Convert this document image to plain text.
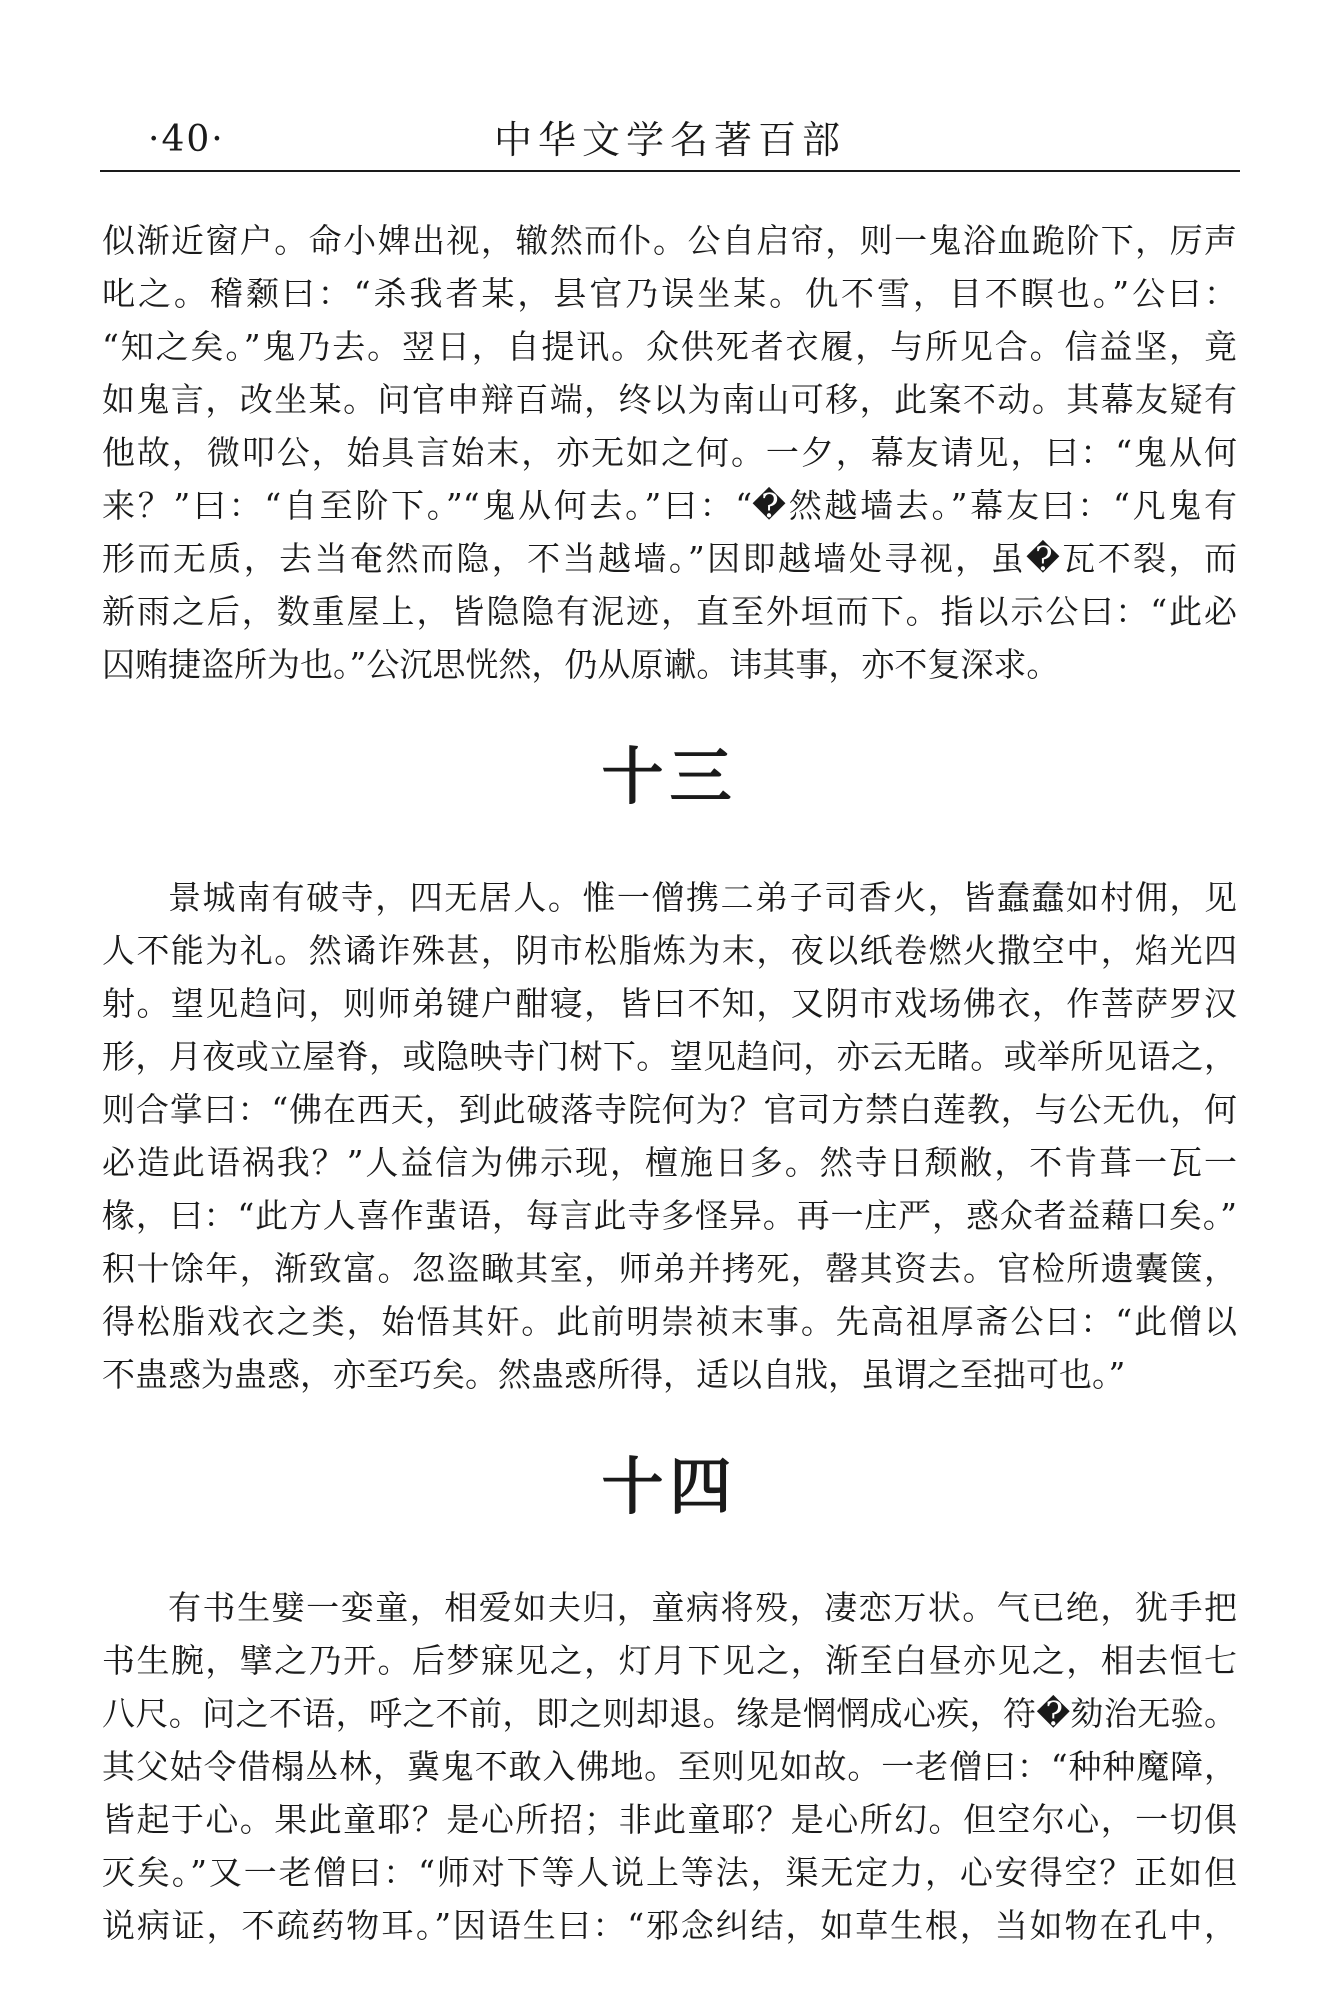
·40·	中华文学名著百部
似渐近窗户。命小婢出视，辙然而仆。公自启帘，则一鬼浴血跪阶下，厉声
叱之。稽颡曰：“杀我者某，县官乃误坐某。仇不雪，目不瞑也。”公曰：
“知之矣。”鬼乃去。翌日，自提讯。众供死者衣履，与所见合。信益坚，竟
如鬼言，改坐某。问官申辩百端，终以为南山可移，此案不动。其幕友疑有
他故，微叩公，始具言始末，亦无如之何。一夕，幕友请见，曰：“鬼从何
来？”曰：“自至阶下。”“鬼从何去。”曰：“�然越墙去。”幕友曰：“凡鬼有
形而无质，去当奄然而隐，不当越墙。”因即越墙处寻视，虽�瓦不裂，而
新雨之后，数重屋上，皆隐隐有泥迹，直至外垣而下。指以示公曰：“此必
囚贿捷盗所为也。”公沉思恍然，仍从原谳。讳其事，亦不复深求。
十三
景城南有破寺，四无居人。惟一僧携二弟子司香火，皆蠢蠢如村佣，见
人不能为礼。然谲诈殊甚，阴市松脂炼为末，夜以纸卷燃火撒空中，焰光四
射。望见趋问，则师弟键户酣寝，皆曰不知，又阴市戏场佛衣，作菩萨罗汉
形，月夜或立屋脊，或隐映寺门树下。望见趋问，亦云无睹。或举所见语之，
则合掌曰：“佛在西天，到此破落寺院何为？官司方禁白莲教，与公无仇，何
必造此语祸我？”人益信为佛示现，檀施日多。然寺日颓敝，不肯葺一瓦一
椽，曰：“此方人喜作蜚语，每言此寺多怪异。再一庄严，惑众者益藉口矣。”
积十馀年，渐致富。忽盗瞰其室，师弟并拷死，罄其资去。官检所遗囊箧，
得松脂戏衣之类，始悟其奸。此前明崇祯末事。先高祖厚斋公曰：“此僧以
不蛊惑为蛊惑，亦至巧矣。然蛊惑所得，适以自戕，虽谓之至拙可也。”
十四
有书生嬖一娈童，相爱如夫归，童病将殁，凄恋万状。气已绝，犹手把
书生腕，擘之乃开。后梦寐见之，灯月下见之，渐至白昼亦见之，相去恒七
八尺。问之不语，呼之不前，即之则却退。缘是惘惘成心疾，符�劾治无验。
其父姑令借榻丛林，冀鬼不敢入佛地。至则见如故。一老僧曰：“种种魔障，
皆起于心。果此童耶？是心所招；非此童耶？是心所幻。但空尔心，一切俱
灭矣。”又一老僧曰：“师对下等人说上等法，渠无定力，心安得空？正如但
说病证，不疏药物耳。”因语生曰：“邪念纠结，如草生根，当如物在孔中，
